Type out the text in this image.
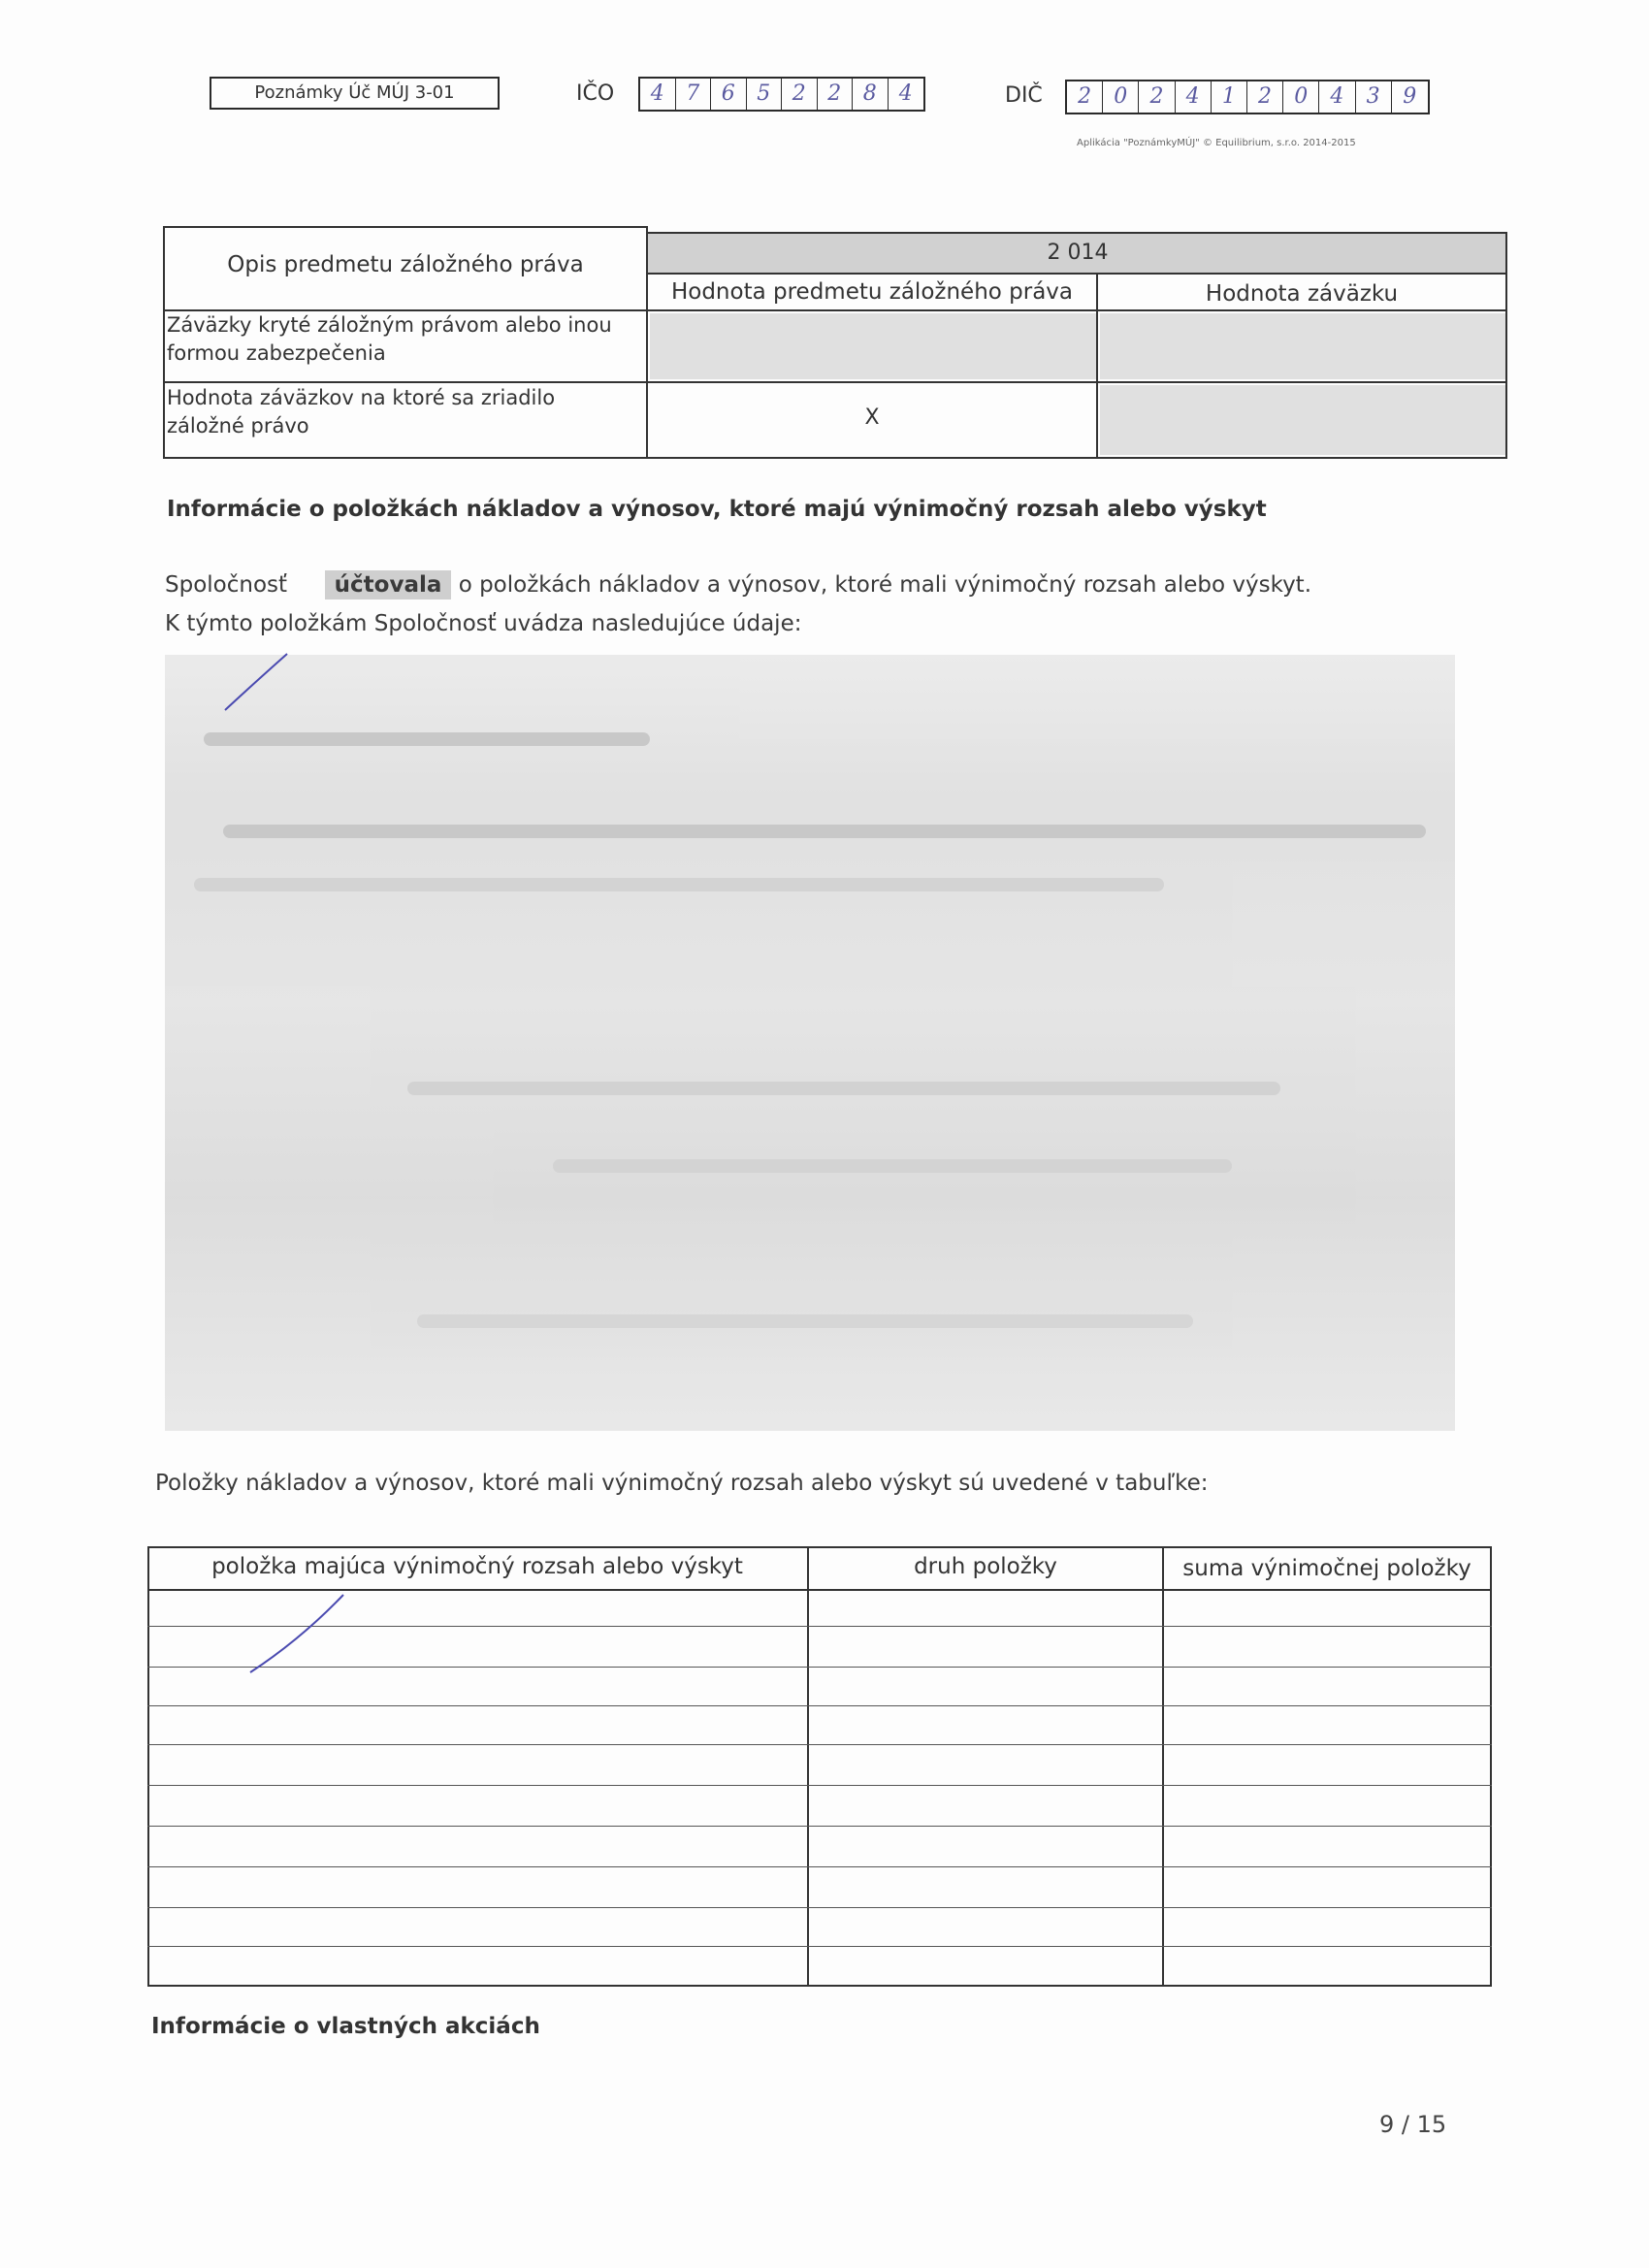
Poznámky Úč MÚJ 3-01	IČO	4	7	6	5	2	2	8	4	DIČ	2	0	2	4	1	2	0	4	3	9
Aplikácia "PoznámkyMÚJ" © Equilibrium, s.r.o. 2014-2015
Opis predmetu záložného práva	2 014
Hodnota predmetu záložného práva	Hodnota záväzku
Záväzky kryté záložným právom alebo inou
formou zabezpečenia
Hodnota záväzkov na ktoré sa zriadilo
záložné právo	X
Informácie o položkách nákladov a výnosov, ktoré majú výnimočný rozsah alebo výskyt
Spoločnosť účtovala o položkách nákladov a výnosov, ktoré mali výnimočný rozsah alebo výskyt.
K týmto položkám Spoločnosť uvádza nasledujúce údaje:
Položky nákladov a výnosov, ktoré mali výnimočný rozsah alebo výskyt sú uvedené v tabuľke:
položka majúca výnimočný rozsah alebo výskyt	druh položky	suma výnimočnej položky
Informácie o vlastných akciách
9 / 15
